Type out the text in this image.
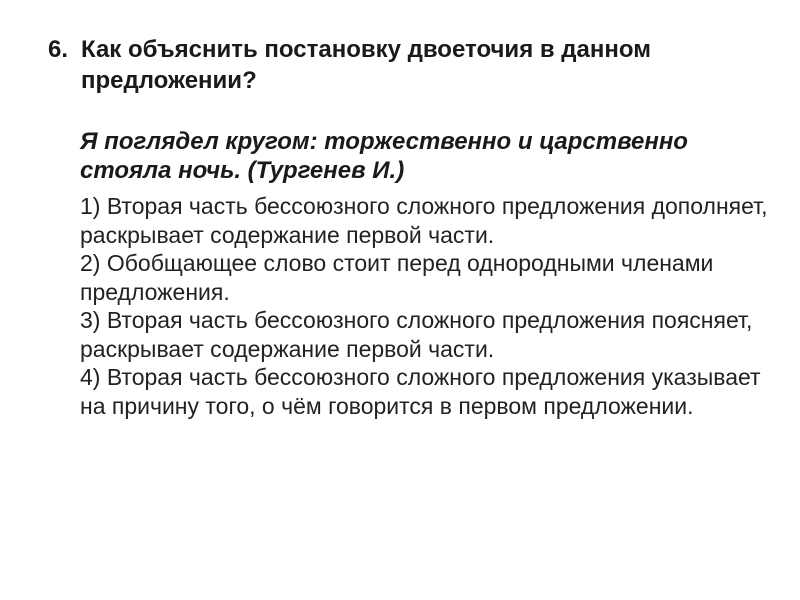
6. Как объяснить постановку двоеточия в данном предложении?
Я поглядел кругом: торжественно и царственно стояла ночь. (Тургенев И.)
1) Вторая часть бессоюзного сложного предложения дополняет, раскрывает содержание первой части.
2) Обобщающее слово стоит перед однородными членами предложения.
3) Вторая часть бессоюзного сложного предложения поясняет, раскрывает содержание первой части.
4) Вторая часть бессоюзного сложного предложения указывает на причину того, о чём говорится в первом предложении.
